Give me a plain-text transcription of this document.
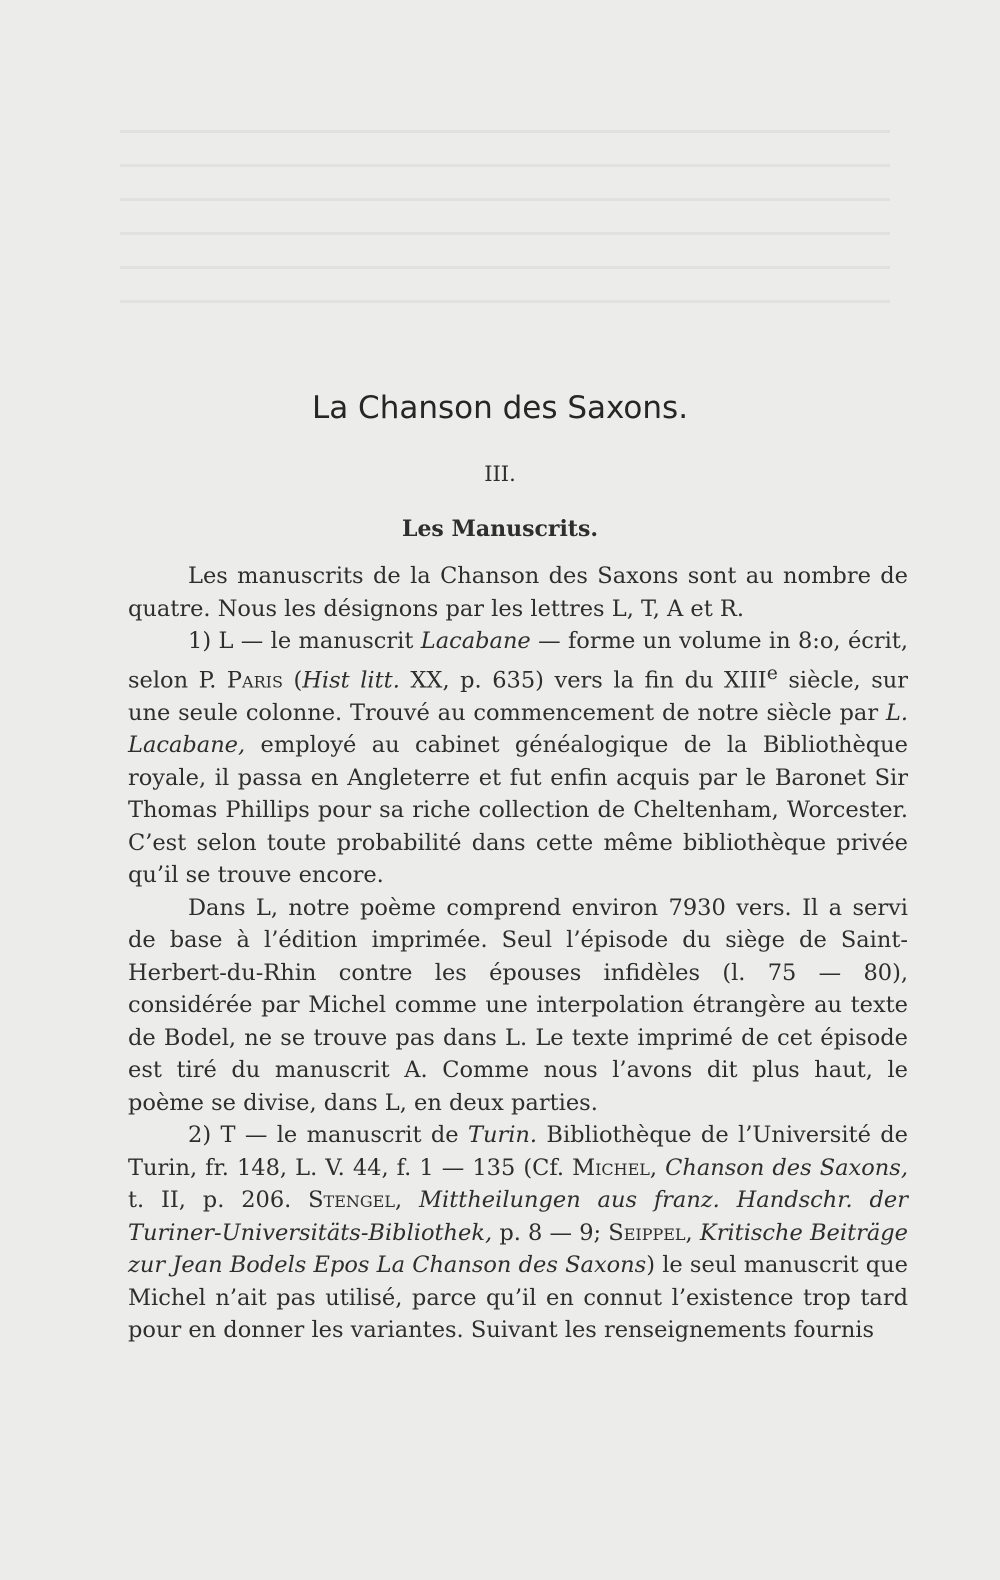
La Chanson des Saxons.
III.
Les Manuscrits.

Les manuscrits de la Chanson des Saxons sont au nombre de quatre. Nous les désignons par les lettres L, T, A et R.

1) L — le manuscrit Lacabane — forme un volume in 8:o, écrit, selon P. Paris (Hist litt. XX, p. 635) vers la fin du XIIIe siècle, sur une seule colonne. Trouvé au commencement de notre siècle par L. Lacabane, employé au cabinet généalogique de la Bibliothèque royale, il passa en Angleterre et fut enfin acquis par le Baronet Sir Thomas Phillips pour sa riche collection de Cheltenham, Worcester. C’est selon toute probabilité dans cette même bibliothèque privée qu’il se trouve encore.

Dans L, notre poème comprend environ 7930 vers. Il a servi de base à l’édition imprimée. Seul l’épisode du siège de Saint-Herbert-du-Rhin contre les épouses infidèles (l. 75 — 80), considérée par Michel comme une interpolation étrangère au texte de Bodel, ne se trouve pas dans L. Le texte imprimé de cet épisode est tiré du manuscrit A. Comme nous l’avons dit plus haut, le poème se divise, dans L, en deux parties.

2) T — le manuscrit de Turin. Bibliothèque de l’Université de Turin, fr. 148, L. V. 44, f. 1 — 135 (Cf. Michel, Chanson des Saxons, t. II, p. 206. Stengel, Mittheilungen aus franz. Handschr. der Turiner-Universitäts-Bibliothek, p. 8 — 9; Seippel, Kritische Beiträge zur Jean Bodels Epos La Chanson des Saxons) le seul manuscrit que Michel n’ait pas utilisé, parce qu’il en connut l’existence trop tard pour en donner les variantes. Suivant les renseignements fournis
